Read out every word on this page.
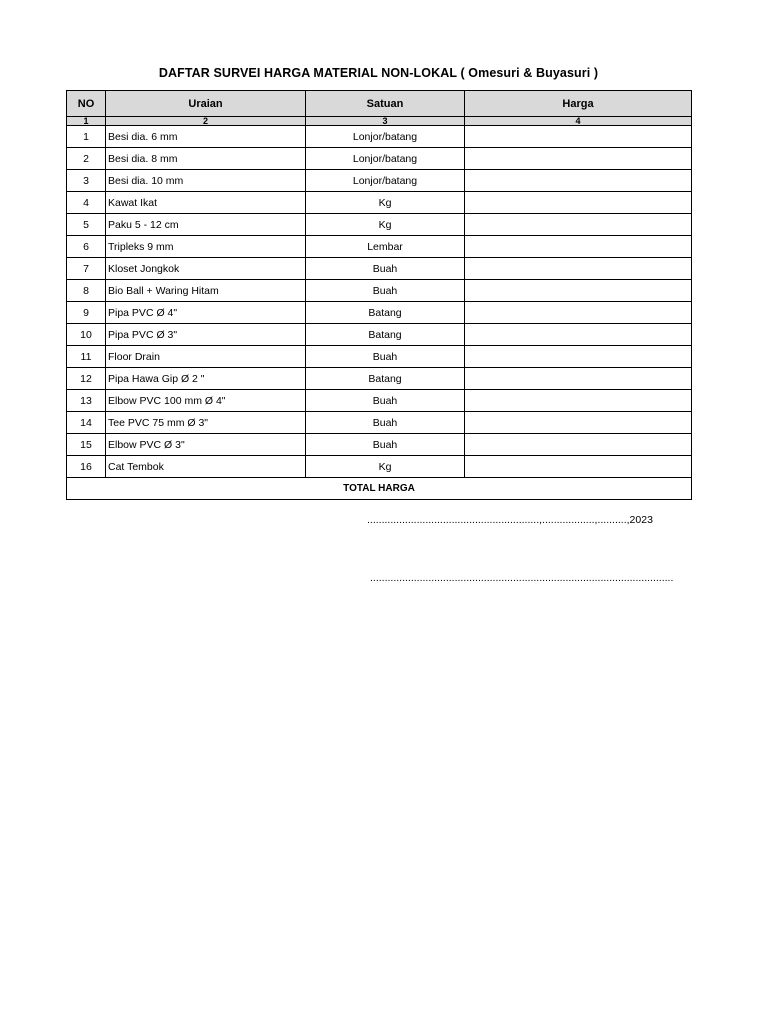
DAFTAR SURVEI HARGA MATERIAL NON-LOKAL ( Omesuri & Buyasuri )
NO	Uraian	Satuan	Harga
1	2	3	4
1	Besi dia. 6 mm	Lonjor/batang	
2	Besi dia. 8 mm	Lonjor/batang	
3	Besi dia. 10 mm	Lonjor/batang	
4	Kawat Ikat	Kg	
5	Paku 5 - 12 cm	Kg	
6	Tripleks 9 mm	Lembar	
7	Kloset Jongkok	Buah	
8	Bio Ball + Waring Hitam	Buah	
9	Pipa PVC Ø 4"	Batang	
10	Pipa PVC Ø 3"	Batang	
11	Floor Drain	Buah	
12	Pipa Hawa Gip Ø 2 "	Batang	
13	Elbow PVC 100 mm Ø 4"	Buah	
14	Tee PVC 75 mm Ø 3"	Buah	
15	Elbow PVC Ø 3"	Buah	
16	Cat Tembok	Kg	
TOTAL HARGA			
...........................................................,..................,..........,2023
........................................................................................................
